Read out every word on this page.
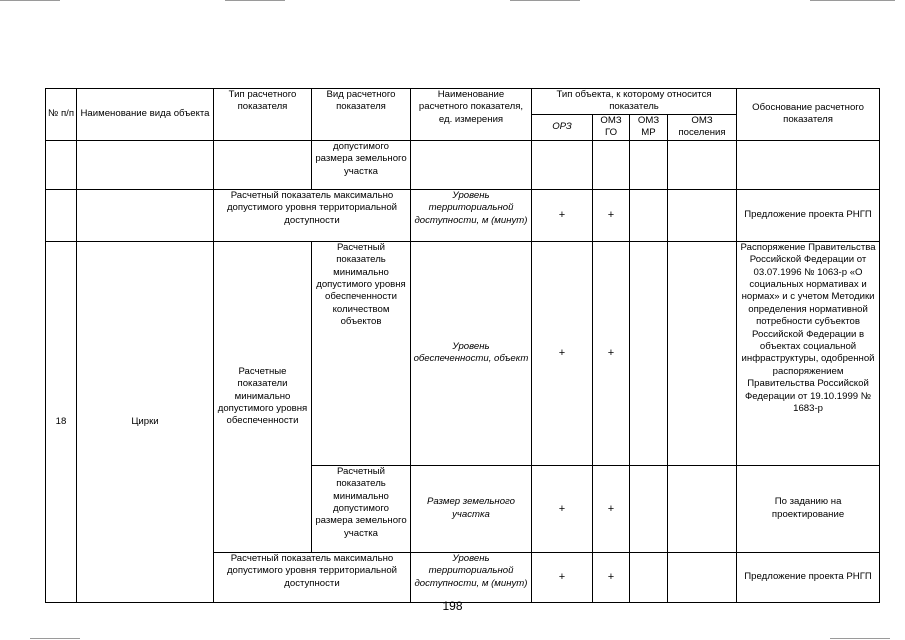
№ п/п	Наименование вида объекта	Тип расчетного показателя	Вид расчетного показателя	Наименование расчетного показателя, ед. измерения	Тип объекта, к которому относится показатель				Обоснование расчетного показателя
					ОРЗ	ОМЗ ГО	ОМЗ МР	ОМЗ поселения	
			допустимого размера земельного участка						
		Расчетный показатель максимально допустимого уровня территориальной доступности		Уровень территориальной доступности, м (минут)	+	+			Предложение проекта РНГП
18	Цирки	Расчетные показатели минимально допустимого уровня обеспеченности	Расчетный показатель минимально допустимого уровня обеспеченности количеством объектов	Уровень обеспеченности, объект	+	+			Распоряжение Правительства Российской Федерации от 03.07.1996 № 1063-р «О социальных нормативах и нормах» и с учетом Методики определения нормативной потребности субъектов Российской Федерации в объектах социальной инфраструктуры, одобренной распоряжением Правительства Российской Федерации от 19.10.1999 № 1683-р
			Расчетный показатель минимально допустимого размера земельного участка	Размер земельного участка	+	+			По заданию на проектирование
		Расчетный показатель максимально допустимого уровня территориальной доступности		Уровень территориальной доступности, м (минут)	+	+			Предложение проекта РНГП
198
